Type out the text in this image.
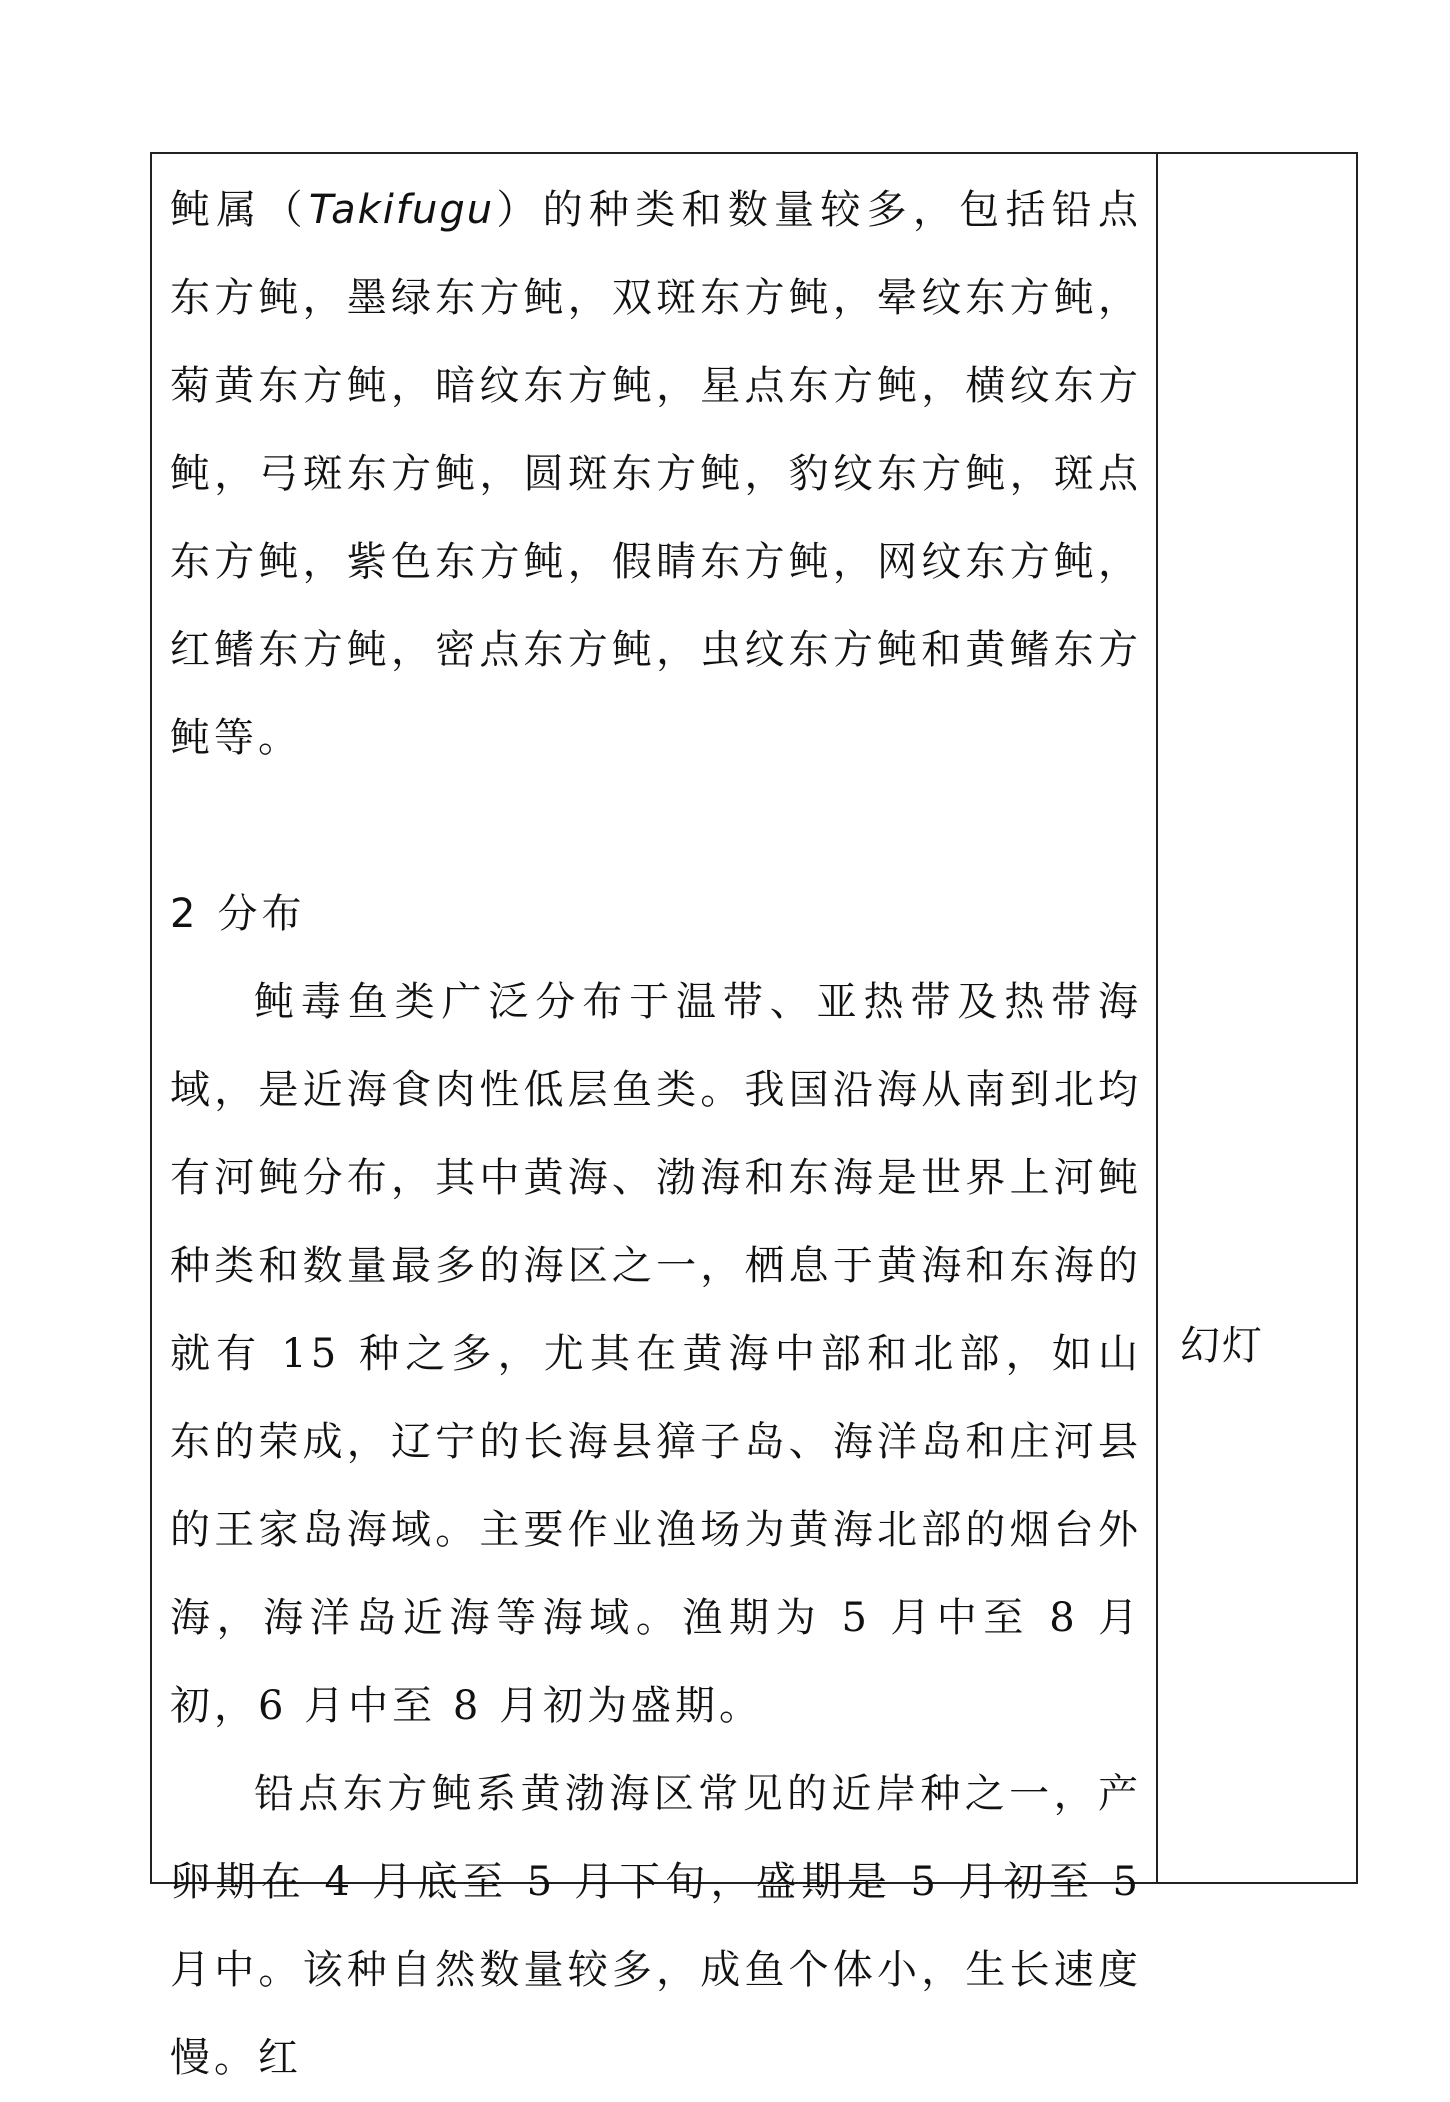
鲀属（Takifugu）的种类和数量较多，包括铅点东方鲀，墨绿东方鲀，双斑东方鲀，晕纹东方鲀，菊黄东方鲀，暗纹东方鲀，星点东方鲀，横纹东方鲀，弓斑东方鲀，圆斑东方鲀，豹纹东方鲀，斑点东方鲀，紫色东方鲀，假睛东方鲀，网纹东方鲀，红鳍东方鲀，密点东方鲀，虫纹东方鲀和黄鳍东方鲀等。

2 分布

鲀毒鱼类广泛分布于温带、亚热带及热带海域，是近海食肉性低层鱼类。我国沿海从南到北均有河鲀分布，其中黄海、渤海和东海是世界上河鲀种类和数量最多的海区之一，栖息于黄海和东海的就有 15 种之多，尤其在黄海中部和北部，如山东的荣成，辽宁的长海县獐子岛、海洋岛和庄河县的王家岛海域。主要作业渔场为黄海北部的烟台外海，海洋岛近海等海域。渔期为 5 月中至 8 月初，6 月中至 8 月初为盛期。

铅点东方鲀系黄渤海区常见的近岸种之一，产卵期在 4 月底至 5 月下旬，盛期是 5 月初至 5 月中。该种自然数量较多，成鱼个体小，生长速度慢。红

幻灯
